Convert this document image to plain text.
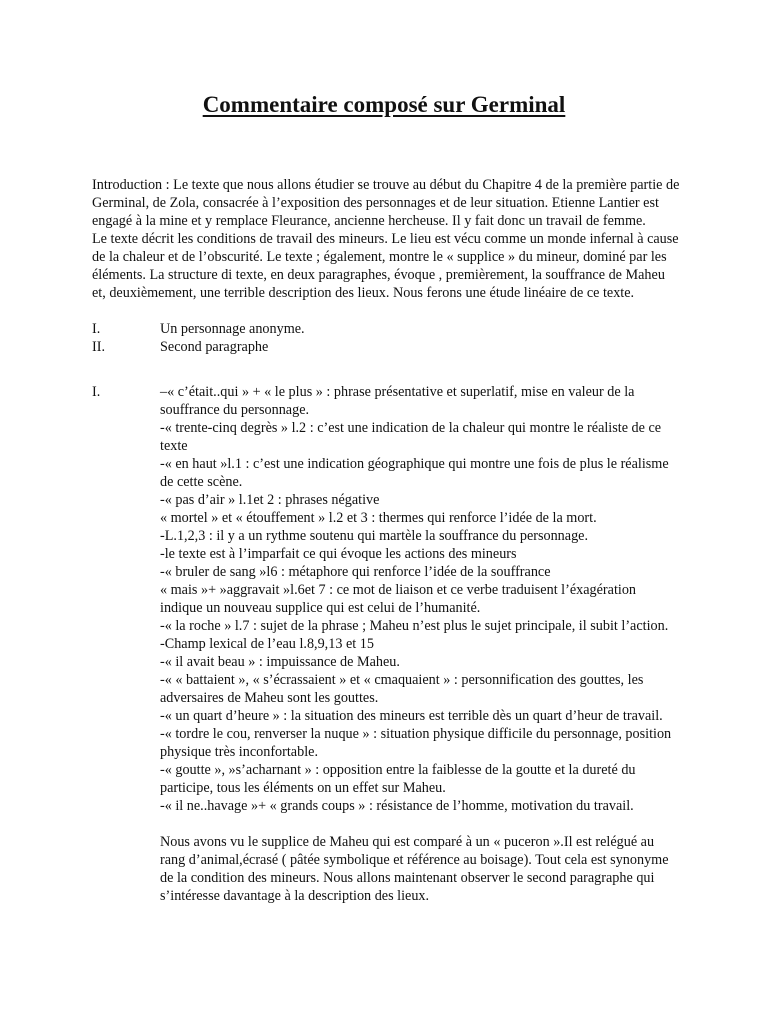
Commentaire composé sur Germinal

Introduction : Le texte que nous allons étudier se trouve au début du Chapitre 4 de la première partie de Germinal, de Zola, consacrée à l’exposition des personnages et de leur situation. Etienne Lantier est engagé à la mine et y remplace Fleurance, ancienne hercheuse. Il y fait donc un travail de femme.

Le texte décrit les conditions de travail des mineurs. Le lieu est vécu comme un monde infernal à cause de la chaleur et de l’obscurité. Le texte ; également, montre le « supplice » du mineur, dominé par les éléments. La structure di texte, en deux paragraphes, évoque , premièrement, la souffrance de Maheu et, deuxièmement, une terrible description des lieux. Nous ferons une étude linéaire de ce texte.

I.	Un personnage anonyme.
II.	Second paragraphe
I.	–« c’était..qui » + « le plus » : phrase présentative et superlatif, mise en valeur de la souffrance du personnage.

-« trente-cinq degrès » l.2 : c’est une indication de la chaleur qui montre le réaliste de ce texte

-« en haut »l.1 : c’est une indication géographique qui montre une fois de plus le réalisme de cette scène.

-« pas d’air » l.1et 2 : phrases négative

« mortel » et « étouffement » l.2 et 3 : thermes qui renforce l’idée de la mort.

-L.1,2,3 : il y a un rythme soutenu qui martèle la souffrance du personnage.

-le texte est à l’imparfait ce qui évoque les actions des mineurs

-« bruler de sang »l6 : métaphore qui renforce l’idée de la souffrance

« mais »+ »aggravait »l.6et 7 : ce mot de liaison et ce verbe traduisent l’éxagération indique un nouveau supplice qui est celui de l’humanité.

-« la roche » l.7 : sujet de la phrase ; Maheu n’est plus le sujet principale, il subit l’action.

-Champ lexical de l’eau l.8,9,13 et 15

-« il avait beau » : impuissance de Maheu.

-« « battaient », « s’écrassaient » et « cmaquaient » : personnification des gouttes, les adversaires de Maheu sont les gouttes.

-« un quart d’heure » : la situation des mineurs est terrible dès un quart d’heur de travail.

-« tordre le cou, renverser la nuque » : situation physique difficile du personnage, position physique très inconfortable.

-« goutte », »s’acharnant » : opposition entre la faiblesse de la goutte et la dureté du participe, tous les éléments on un effet sur Maheu.

-« il ne..havage »+ « grands coups » : résistance de l’homme, motivation du travail.

Nous avons vu le supplice de Maheu qui est comparé à un « puceron ».Il est relégué au rang d’animal,écrasé ( pâtée symbolique et référence au boisage). Tout cela est synonyme de la condition des mineurs. Nous allons maintenant observer le second paragraphe qui s’intéresse davantage à la description des lieux.
